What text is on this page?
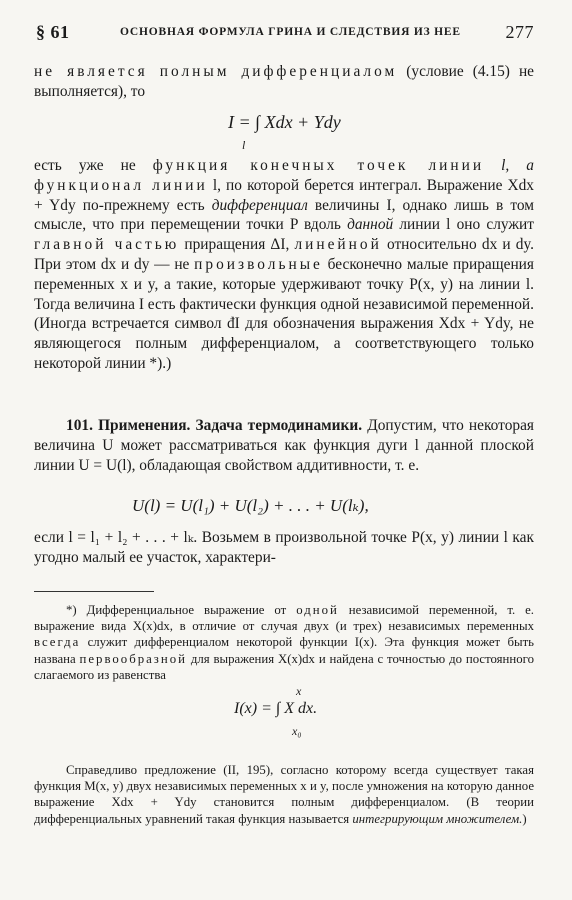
§ 61	ОСНОВНАЯ ФОРМУЛА ГРИНА И СЛЕДСТВИЯ ИЗ НЕЕ 277

не является полным дифференциалом (условие (4.15) не выполняется), то

I = ∫ Xdx + Ydy
l

есть уже не функция конечных точек линии l, а функционал линии l, по которой берется интеграл. Выражение Xdx + Ydy по-прежнему есть дифференциал величины I, однако лишь в том смысле, что при перемещении точки P вдоль данной линии l оно служит главной частью приращения ΔI, линейной относительно dx и dy. При этом dx и dy — не произвольные бесконечно малые приращения переменных x и y, а такие, которые удерживают точку P(x, y) на линии l. Тогда величина I есть фактически функция одной независимой переменной. (Иногда встречается символ đI для обозначения выражения Xdx + Ydy, не являющегося полным дифференциалом, а соответствующего только некоторой линии *).)

101. Применения. Задача термодинамики. Допустим, что некоторая величина U может рассматриваться как функция дуги l данной плоской линии U = U(l), обладающая свойством аддитивности, т. е.

U(l) = U(l₁) + U(l₂) + . . . + U(lₖ),

если l = l₁ + l₂ + . . . + lₖ. Возьмем в произвольной точке P(x, y) линии l как угодно малый ее участок, характери-

*) Дифференциальное выражение от одной независимой переменной, т. е. выражение вида X(x)dx, в отличие от случая двух (и трех) независимых переменных всегда служит дифференциалом некоторой функции I(x). Эта функция может быть названа первообразной для выражения X(x)dx и найдена с точностью до постоянного слагаемого из равенства

I(x) = ∫ X dx.
x
x₀

Справедливо предложение (II, 195), согласно которому всегда существует такая функция M(x, y) двух независимых переменных x и y, после умножения на которую данное выражение Xdx + Ydy становится полным дифференциалом. (В теории дифференциальных уравнений такая функция называется интегрирующим множителем.)
